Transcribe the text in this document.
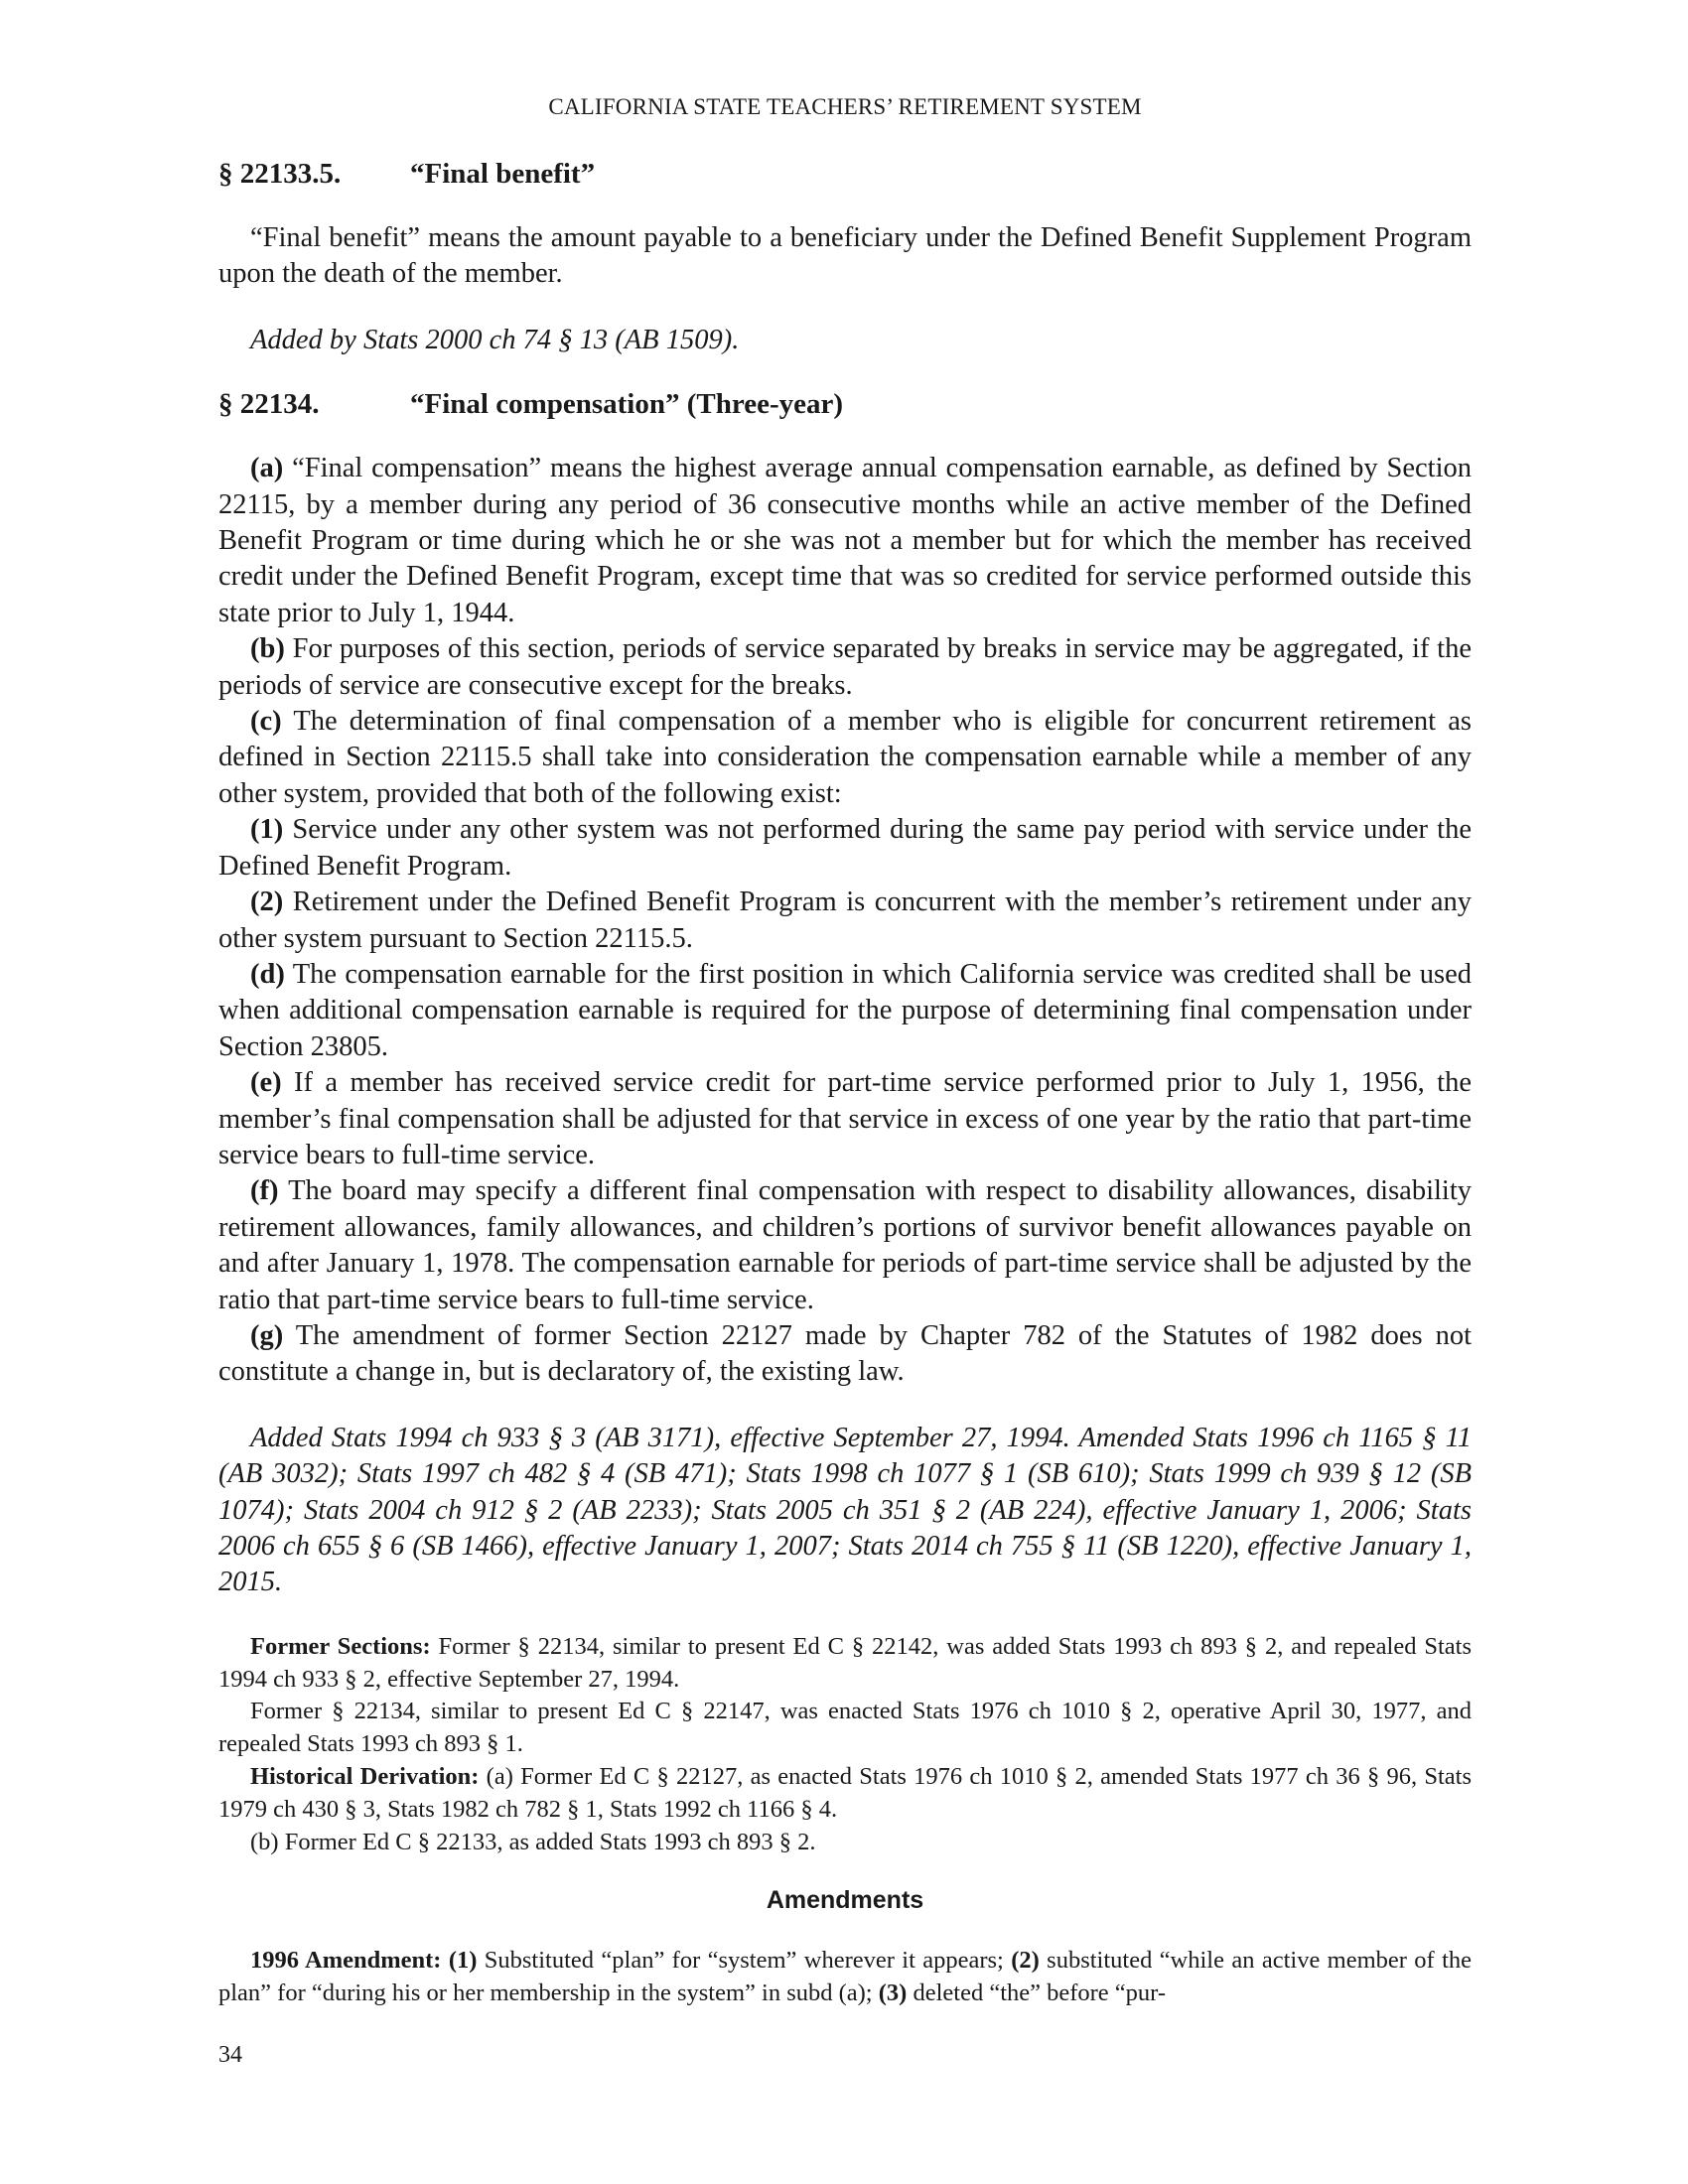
CALIFORNIA STATE TEACHERS’ RETIREMENT SYSTEM
§ 22133.5.	“Final benefit”

“Final benefit” means the amount payable to a beneficiary under the Defined Benefit Supplement Program upon the death of the member.

Added by Stats 2000 ch 74 § 13 (AB 1509).

§ 22134.	“Final compensation” (Three-year)

(a) “Final compensation” means the highest average annual compensation earnable, as defined by Section 22115, by a member during any period of 36 consecutive months while an active member of the Defined Benefit Program or time during which he or she was not a member but for which the member has received credit under the Defined Benefit Program, except time that was so credited for service performed outside this state prior to July 1, 1944.

(b) For purposes of this section, periods of service separated by breaks in service may be aggregated, if the periods of service are consecutive except for the breaks.

(c) The determination of final compensation of a member who is eligible for concurrent retirement as defined in Section 22115.5 shall take into consideration the compensation earnable while a member of any other system, provided that both of the following exist:

(1) Service under any other system was not performed during the same pay period with service under the Defined Benefit Program.

(2) Retirement under the Defined Benefit Program is concurrent with the member’s retirement under any other system pursuant to Section 22115.5.

(d) The compensation earnable for the first position in which California service was credited shall be used when additional compensation earnable is required for the purpose of determining final compensation under Section 23805.

(e) If a member has received service credit for part-time service performed prior to July 1, 1956, the member’s final compensation shall be adjusted for that service in excess of one year by the ratio that part-time service bears to full-time service.

(f) The board may specify a different final compensation with respect to disability allowances, disability retirement allowances, family allowances, and children’s portions of survivor benefit allowances payable on and after January 1, 1978. The compensation earnable for periods of part-time service shall be adjusted by the ratio that part-time service bears to full-time service.

(g) The amendment of former Section 22127 made by Chapter 782 of the Statutes of 1982 does not constitute a change in, but is declaratory of, the existing law.

Added Stats 1994 ch 933 § 3 (AB 3171), effective September 27, 1994. Amended Stats 1996 ch 1165 § 11 (AB 3032); Stats 1997 ch 482 § 4 (SB 471); Stats 1998 ch 1077 § 1 (SB 610); Stats 1999 ch 939 § 12 (SB 1074); Stats 2004 ch 912 § 2 (AB 2233); Stats 2005 ch 351 § 2 (AB 224), effective January 1, 2006; Stats 2006 ch 655 § 6 (SB 1466), effective January 1, 2007; Stats 2014 ch 755 § 11 (SB 1220), effective January 1, 2015.

Former Sections: Former § 22134, similar to present Ed C § 22142, was added Stats 1993 ch 893 § 2, and repealed Stats 1994 ch 933 § 2, effective September 27, 1994.

Former § 22134, similar to present Ed C § 22147, was enacted Stats 1976 ch 1010 § 2, operative April 30, 1977, and repealed Stats 1993 ch 893 § 1.

Historical Derivation: (a) Former Ed C § 22127, as enacted Stats 1976 ch 1010 § 2, amended Stats 1977 ch 36 § 96, Stats 1979 ch 430 § 3, Stats 1982 ch 782 § 1, Stats 1992 ch 1166 § 4.

(b) Former Ed C § 22133, as added Stats 1993 ch 893 § 2.

Amendments

1996 Amendment: (1) Substituted “plan” for “system” wherever it appears; (2) substituted “while an active member of the plan” for “during his or her membership in the system” in subd (a); (3) deleted “the” before “pur-

34
